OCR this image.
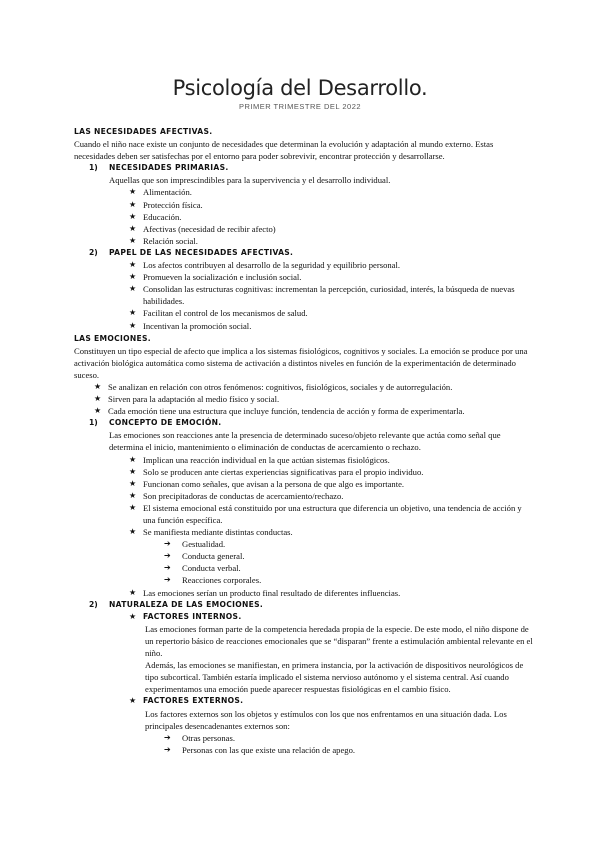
Psicología del Desarrollo.
PRIMER TRIMESTRE DEL 2022
LAS NECESIDADES AFECTIVAS.

Cuando el niño nace existe un conjunto de necesidades que determinan la evolución y adaptación al mundo externo. Estas necesidades deben ser satisfechas por el entorno para poder sobrevivir, encontrar protección y desarrollarse.

1)	NECESIDADES PRIMARIAS.

Aquellas que son imprescindibles para la supervivencia y el desarrollo individual.

★ Alimentación.
★ Protección física.
★ Educación.
★ Afectivas (necesidad de recibir afecto)
★ Relación social.
2)	PAPEL DE LAS NECESIDADES AFECTIVAS.
★ Los afectos contribuyen al desarrollo de la seguridad y equilibrio personal.
★ Promueven la socialización e inclusión social.
★ Consolidan las estructuras cognitivas: incrementan la percepción, curiosidad, interés, la búsqueda de nuevas habilidades.
★ Facilitan el control de los mecanismos de salud.
★ Incentivan la promoción social.
LAS EMOCIONES.

Constituyen un tipo especial de afecto que implica a los sistemas fisiológicos, cognitivos y sociales. La emoción se produce por una activación biológica automática como sistema de activación a distintos niveles en función de la experimentación de determinado suceso.

★ Se analizan en relación con otros fenómenos: cognitivos, fisiológicos, sociales y de autorregulación.
★ Sirven para la adaptación al medio físico y social.
★ Cada emoción tiene una estructura que incluye función, tendencia de acción y forma de experimentarla.
1)	CONCEPTO DE EMOCIÓN.

Las emociones son reacciones ante la presencia de determinado suceso/objeto relevante que actúa como señal que determina el inicio, mantenimiento o eliminación de conductas de acercamiento o rechazo.

★ Implican una reacción individual en la que actúan sistemas fisiológicos.
★ Solo se producen ante ciertas experiencias significativas para el propio individuo.
★ Funcionan como señales, que avisan a la persona de que algo es importante.
★ Son precipitadoras de conductas de acercamiento/rechazo.
★ El sistema emocional está constituido por una estructura que diferencia un objetivo, una tendencia de acción y una función específica.
★ Se manifiesta mediante distintas conductas.
➔	Gestualidad.
➔	Conducta general.
➔	Conducta verbal.
➔	Reacciones corporales.
★ Las emociones serían un producto final resultado de diferentes influencias.
2)	NATURALEZA DE LAS EMOCIONES.
★ FACTORES INTERNOS.

Las emociones forman parte de la competencia heredada propia de la especie. De este modo, el niño dispone de un repertorio básico de reacciones emocionales que se “disparan” frente a estimulación ambiental relevante en el niño.

Además, las emociones se manifiestan, en primera instancia, por la activación de dispositivos neurológicos de tipo subcortical. También estaría implicado el sistema nervioso autónomo y el sistema central. Así cuando experimentamos una emoción puede aparecer respuestas fisiológicas en el cambio físico.

★ FACTORES EXTERNOS.

Los factores externos son los objetos y estímulos con los que nos enfrentamos en una situación dada. Los principales desencadenantes externos son:

➔	Otras personas.
➔	Personas con las que existe una relación de apego.
